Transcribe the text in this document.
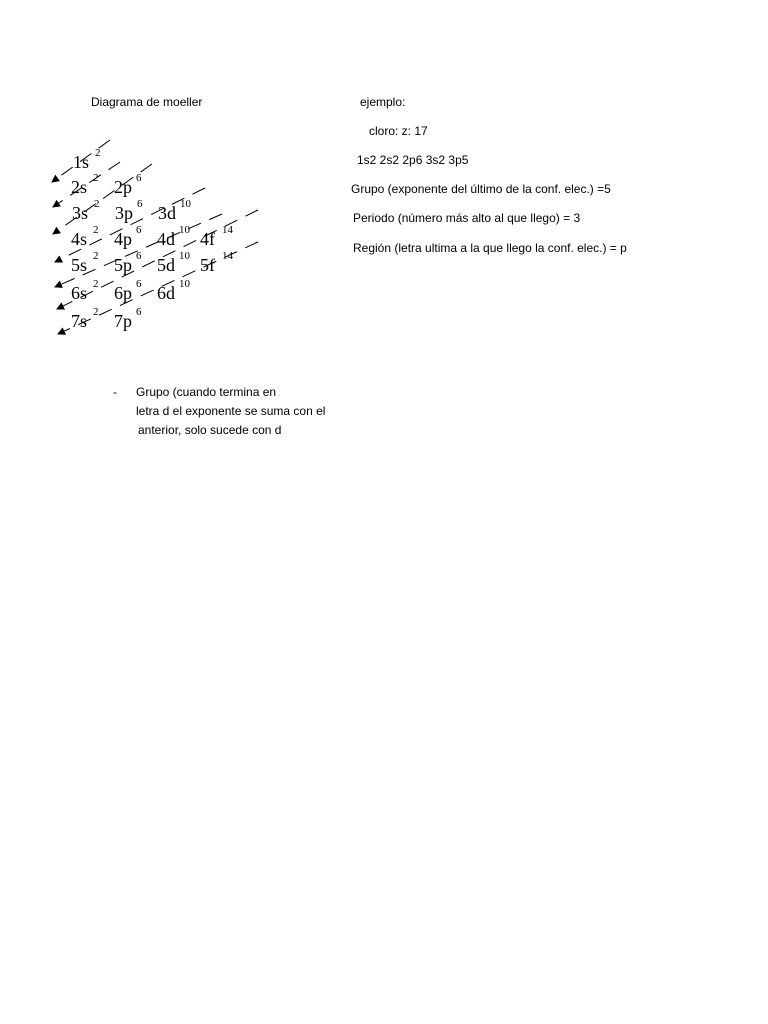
Diagrama de moeller	ejemplo:
cloro: z: 17
1s2 2s2 2p6 3s2 3p5
Grupo (exponente del último de la conf. elec.) =5
Periodo (número más alto al que llego) = 3
Región (letra ultima a la que llego la conf. elec.) = p
- Grupo (cuando termina en
letra d el exponente se suma con el
anterior, solo sucede con d
1s 2
2s 2 2p 6
3s 2 3p 6 3d 10
4s 2 4p 6 4d 10 4f 14
5s 2 5p 6 5d 10 5f 14
6s 2 6p 6 6d 10
7s 2 7p 6
